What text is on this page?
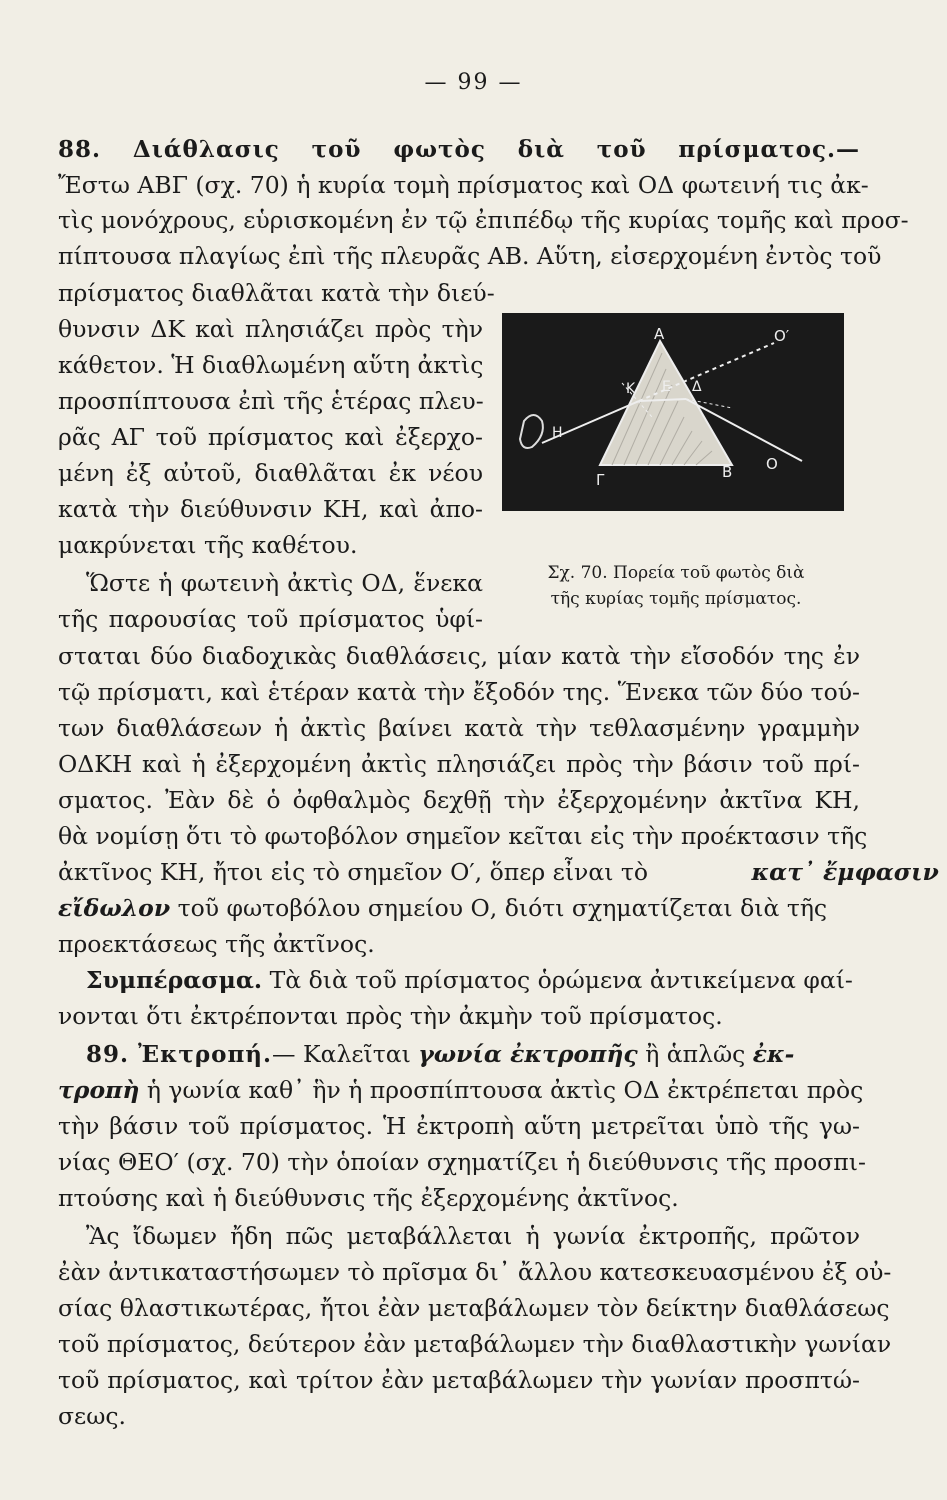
— 99 —
88. Διάθλασις τοῦ φωτὸς διὰ τοῦ πρίσματος.—
Ἔστω ΑΒΓ (σχ. 70) ἡ κυρία τομὴ πρίσματος καὶ ΟΔ φωτεινή τις ἀκ-
τὶς μονόχρους, εὑρισκομένη ἐν τῷ ἐπιπέδῳ τῆς κυρίας τομῆς καὶ προσ-
πίπτουσα πλαγίως ἐπὶ τῆς πλευρᾶς ΑΒ. Αὕτη, εἰσερχομένη ἐντὸς τοῦ
πρίσματος διαθλᾶται κατὰ τὴν διεύ-
θυνσιν ΔΚ καὶ πλησιάζει πρὸς τὴν
κάθετον. Ἡ διαθλωμένη αὕτη ἀκτὶς
προσπίπτουσα ἐπὶ τῆς ἑτέρας πλευ-
ρᾶς ΑΓ τοῦ πρίσματος καὶ ἐξερχο-
μένη ἐξ αὐτοῦ, διαθλᾶται ἐκ νέου
κατὰ τὴν διεύθυνσιν ΚΗ, καὶ ἀπο-
μακρύνεται τῆς καθέτου.
Ὥστε ἡ φωτεινὴ ἀκτὶς ΟΔ, ἕνεκα
τῆς παρουσίας τοῦ πρίσματος ὑφί-
Α	Ο′
Κ Ε Δ
Η
Γ	Β Ο
Σχ. 70. Πορεία τοῦ φωτὸς διὰ
τῆς κυρίας τομῆς πρίσματος.
σταται δύο διαδοχικὰς διαθλάσεις, μίαν κατὰ τὴν εἴσοδόν της ἐν
τῷ πρίσματι, καὶ ἑτέραν κατὰ τὴν ἔξοδόν της. Ἕνεκα τῶν δύο τού-
των διαθλάσεων ἡ ἀκτὶς βαίνει κατὰ τὴν τεθλασμένην γραμμὴν
ΟΔΚΗ καὶ ἡ ἐξερχομένη ἀκτὶς πλησιάζει πρὸς τὴν βάσιν τοῦ πρί-
σματος. Ἐὰν δὲ ὁ ὀφθαλμὸς δεχθῇ τὴν ἐξερχομένην ἀκτῖνα ΚΗ,
θὰ νομίσῃ ὅτι τὸ φωτοβόλον σημεῖον κεῖται εἰς τὴν προέκτασιν τῆς
ἀκτῖνος ΚΗ, ἤτοι εἰς τὸ σημεῖον Ο′, ὅπερ εἶναι τὸ	κατ᾽ ἔμφασιν
εἴδωλον τοῦ φωτοβόλου σημείου Ο, διότι σχηματίζεται διὰ τῆς
προεκτάσεως τῆς ἀκτῖνος.
Συμπέρασμα. Τὰ διὰ τοῦ πρίσματος ὁρώμενα ἀντικείμενα φαί-
νονται ὅτι ἐκτρέπονται πρὸς τὴν ἀκμὴν τοῦ πρίσματος.
89. Ἐκτροπή.— Καλεῖται γωνία ἐκτροπῆς ἢ ἁπλῶς ἐκ-
τροπὴ ἡ γωνία καθ᾽ ἣν ἡ προσπίπτουσα ἀκτὶς ΟΔ ἐκτρέπεται πρὸς
τὴν βάσιν τοῦ πρίσματος. Ἡ ἐκτροπὴ αὕτη μετρεῖται ὑπὸ τῆς γω-
νίας ΘΕΟ′ (σχ. 70) τὴν ὁποίαν σχηματίζει ἡ διεύθυνσις τῆς προσπι-
πτούσης καὶ ἡ διεύθυνσις τῆς ἐξερχομένης ἀκτῖνος.
Ἂς ἴδωμεν ἤδη πῶς μεταβάλλεται ἡ γωνία ἐκτροπῆς, πρῶτον
ἐὰν ἀντικαταστήσωμεν τὸ πρῖσμα δι᾽ ἄλλου κατεσκευασμένου ἐξ οὐ-
σίας θλαστικωτέρας, ἤτοι ἐὰν μεταβάλωμεν τὸν δείκτην διαθλάσεως
τοῦ πρίσματος, δεύτερον ἐὰν μεταβάλωμεν τὴν διαθλαστικὴν γωνίαν
τοῦ πρίσματος, καὶ τρίτον ἐὰν μεταβάλωμεν τὴν γωνίαν προσπτώ-
σεως.
